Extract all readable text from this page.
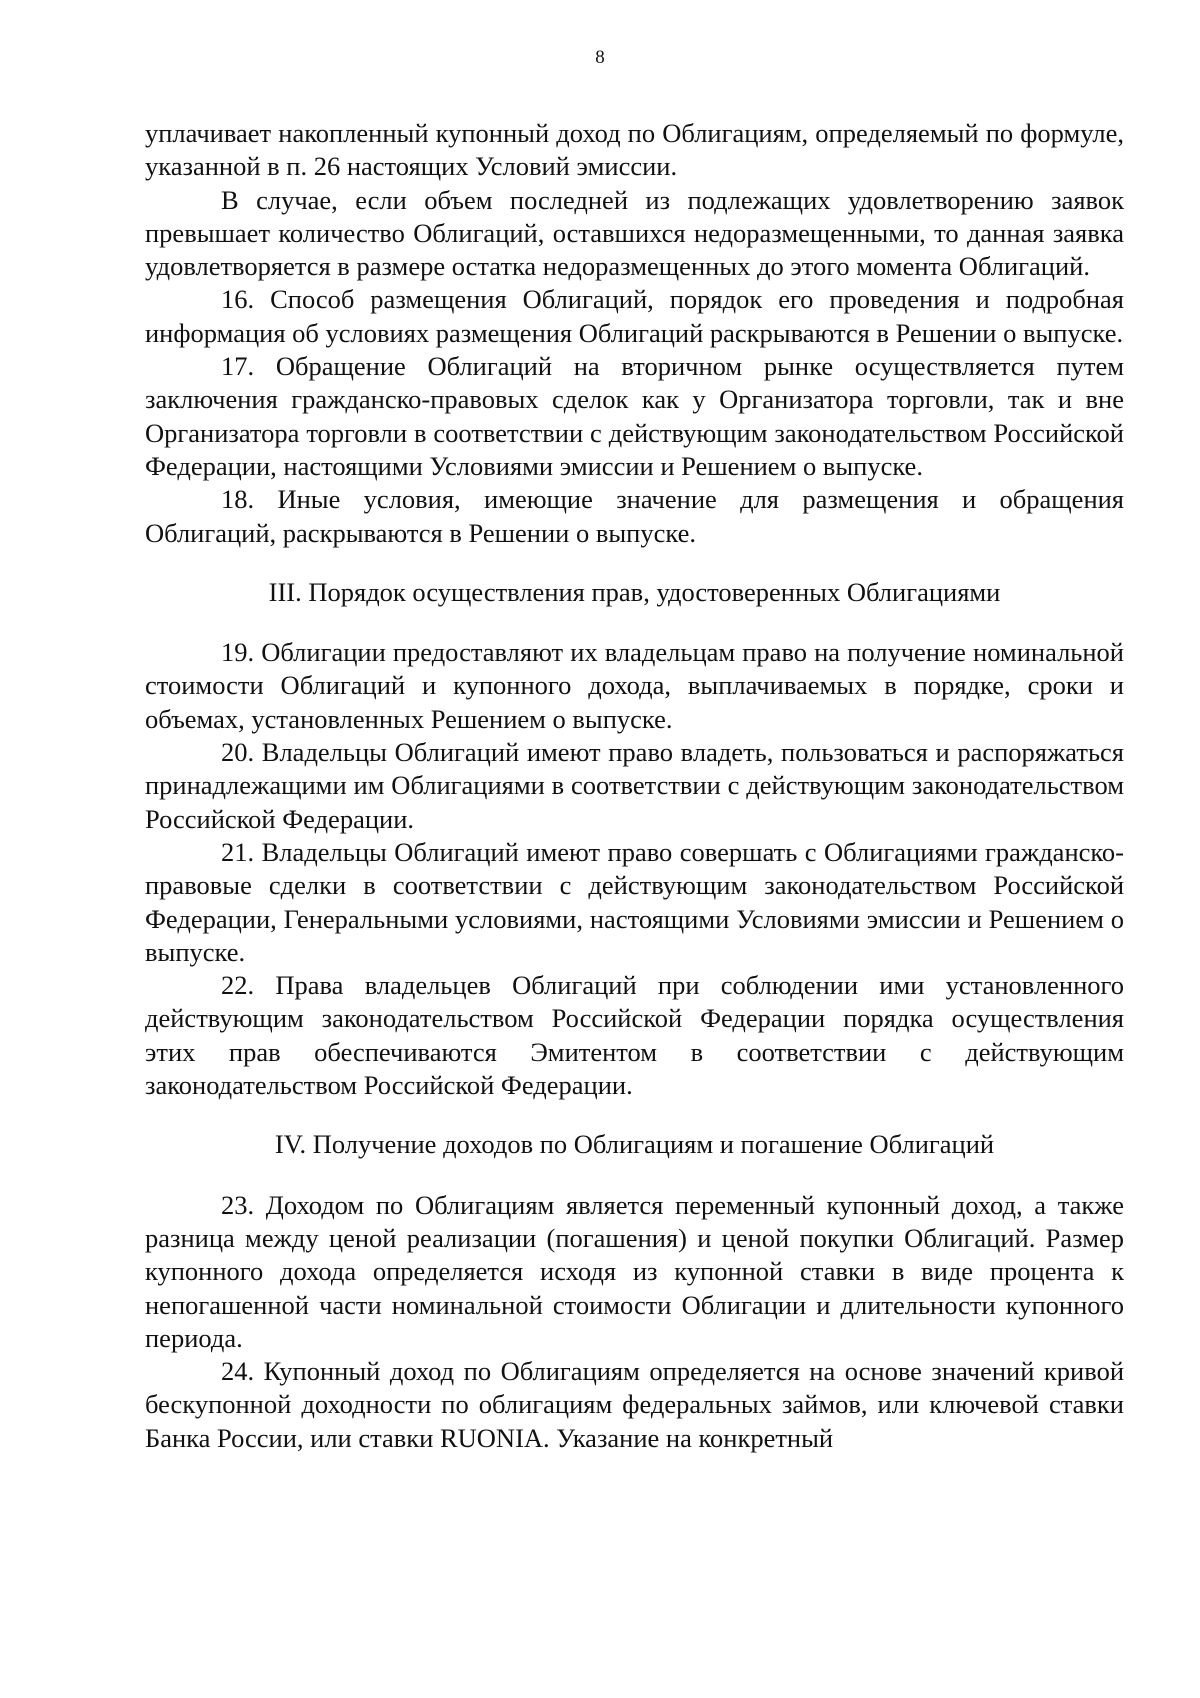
8

уплачивает накопленный купонный доход по Облигациям, определяемый по формуле, указанной в п. 26 настоящих Условий эмиссии.

В случае, если объем последней из подлежащих удовлетворению заявок превышает количество Облигаций, оставшихся недоразмещенными, то данная заявка удовлетворяется в размере остатка недоразмещенных до этого момента Облигаций.

16. Способ размещения Облигаций, порядок его проведения и подробная информация об условиях размещения Облигаций раскрываются в Решении о выпуске.

17. Обращение Облигаций на вторичном рынке осуществляется путем заключения гражданско-правовых сделок как у Организатора торговли, так и вне Организатора торговли в соответствии с действующим законодательством Российской Федерации, настоящими Условиями эмиссии и Решением о выпуске.

18. Иные условия, имеющие значение для размещения и обращения Облигаций, раскрываются в Решении о выпуске.

III. Порядок осуществления прав, удостоверенных Облигациями

19. Облигации предоставляют их владельцам право на получение номинальной стоимости Облигаций и купонного дохода, выплачиваемых в порядке, сроки и объемах, установленных Решением о выпуске.

20. Владельцы Облигаций имеют право владеть, пользоваться и распоряжаться принадлежащими им Облигациями в соответствии с действующим законодательством Российской Федерации.

21. Владельцы Облигаций имеют право совершать с Облигациями гражданско-правовые сделки в соответствии с действующим законодательством Российской Федерации, Генеральными условиями, настоящими Условиями эмиссии и Решением о выпуске.

22. Права владельцев Облигаций при соблюдении ими установленного действующим законодательством Российской Федерации порядка осуществления этих прав обеспечиваются Эмитентом в соответствии с действующим законодательством Российской Федерации.

IV. Получение доходов по Облигациям и погашение Облигаций

23. Доходом по Облигациям является переменный купонный доход, а также разница между ценой реализации (погашения) и ценой покупки Облигаций. Размер купонного дохода определяется исходя из купонной ставки в виде процента к непогашенной части номинальной стоимости Облигации и длительности купонного периода.

24. Купонный доход по Облигациям определяется на основе значений кривой бескупонной доходности по облигациям федеральных займов, или ключевой ставки Банка России, или ставки RUONIA. Указание на конкретный
